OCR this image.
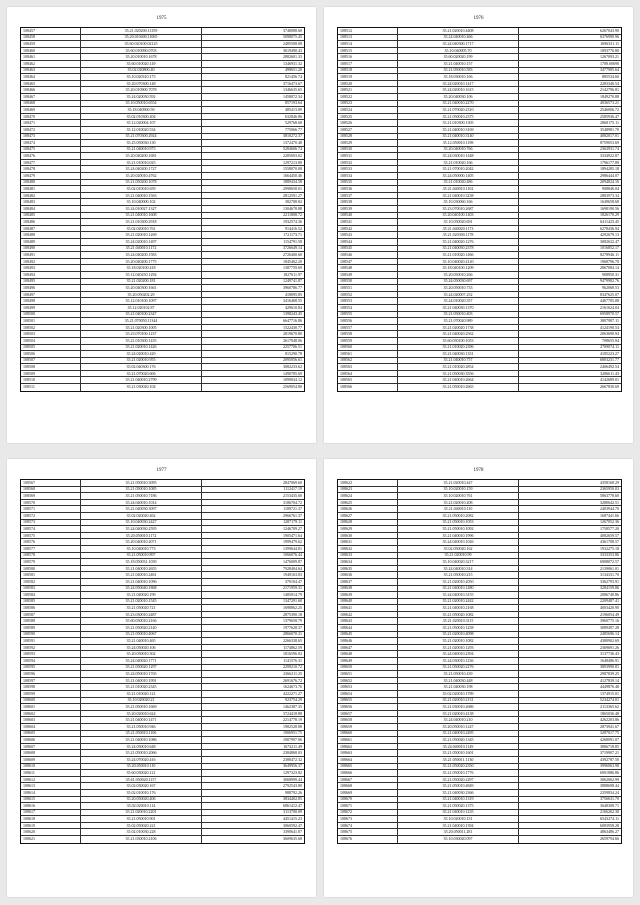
1975
108457	35.21.020200.11359	3748088.60
108458	35.20.010400.11065	5098075.45
108459	35.60.020100.02125	2485508.08
108460	35.60.010090.0703	3619490.43
108461	35.20.010010.1678	2882601.33
108462	35.60.010020.149	1346931.32
108463	35.02.020800.40	498651.20
108464	35.10.020310.175	821456.74
108465	35.20.070300.148	3716473.67
108466	35.20.010900.7078	1346635.65
108467	35.24.020030.592	1458072.34
108468	35.10.050010.6554	857193.64
108469	35.18.040900.59	485413.89
108470	35.02.010300.204	632846.86
108471	35.12.020004.107	529768.68
108472	35.12.010020.534	775066.77
108473	35.21.070300.2924	3810272.37
108474	35.25.050030.130	1372470.48
108475	35.21.040010.975	5284606.74
108476	35.20.040200.1681	2285693.62
108477	35.21.010010.025	1297213.80
108478	35.24.040200.1727	1558070.08
108479	35.20.020010.4762	1664450.46
108480	35.21.050200.1078	1889434.58
108481	35.02.010010.659	2998658.01
108482	35.21.040010.1563	2812591.27
108483	35.10.040000.102	382708.82
108484	35.24.010027.1327	1304678.88
108485	35.21.040010.1608	2211808.72
108486	35.21.010300.2918	1932574.36
108487	35.02.020010.761	914416.52
108488	35.21.020010.1269	1721173.71
108489	35.24.020010.1497	1154791.58
108490	35.21.040010.1172	3726649.14
108491	35.24.040200.1583	2726400.60
108492	35.20.040200.1775	1845462.20
108493	35.18.020100.418	1387759.69
108494	35.12.040250.1294	1827611.97
108495	35.21.020200.181	1249741.87
108496	35.20.040300.1661	3960786.77
108497	35.20.050202.29	418095.85
108498	35.12.010100.1097	3416468.55
108499	35.12.020102.87	429610.84
108500	35.21.040100.2347	1398243.45
108501	35.21.070050.11344	6647716.86
108502	35.21.020300.1005	1522430.77
108503	35.23.070100.1237	2819670.80
108504	35.21.010300.1435	2617948.06
108505	35.21.020010.1426	2257706.51
108506	35.24.020010.429	815290.78
108507	35.21.020010.955	2095056.61
108508	35.02.040300.176	3082233.62
108509	35.21.070020.606	1490785.69
108510	35.21.040010.2799	1099034.12
108511	35.21.030020.104	2569054.80
1976
108512	35.21.020010.4408	6267043.90
108513	35.24.040010.466	6376990.96
108514	35.24.040300.1717	1696331.11
108515	35.10.040005.70	1093776.80
108516	35.60.020020.199	1267093.21
108517	35.21.040010.157	1708.00690
108518	35.21.050010.583	3477985.64
108519	35.18.030010.166	885534.60
108520	35.24.020010.1417	2283346.54
108521	35.24.020010.1615	2142796.81
108522	35.20.040030.106	1849270.88
108523	35.21.040010.2270	4036573.21
108524	35.21.070020.2310	2546006.72
108525	35.21.050010.2375	2585936.47
108526	35.21.010300.1305	2868175.11
108527	35.21.040010.3169	3548981.70
108528	35.21.040010.3140	4082017.01
108529	35.12.050010.1198	8759053.69
108530	35.20.040010.766	2363931.74
108531	35.24.030010.1448	3334922.87
108532	35.21.010020.166	1796177.89
108533	35.21.070010.2042	1894285.18
108534	35.24.050000.1405	2986444.07
108535	35.21.010020.486	2094824.16
108536	35.21.040010.1102	908846.04
108537	35.21.040010.3238	2883973.34
108538	35.10.030060.166	1649658.68
108539	35.23.070010.2687	1698190.56
108540	35.20.040100.1403	1826170.29
108541	35.10.050020.691	6411423.45
108542	35.21.040020.1173	6278436.94
108543	35.21.020300.1178	4292679.13
108544	35.21.040020.1276	3082632.47
108545	35.21.040050.2378	1016852.17
108546	35.21.010020.1466	8278946.11
108547	35.10.040020.4120	1968796.70
108548	35.18.040100.1209	2867084.14
108549	35.20.050010.266	908950.31
108550	35.24.050030.697	9479982.76
108551	35.20.050010.733	962068.53
108552	35.24.020007.252	8347625.07
108553	35.24.010020.357	4467705.08
108554	35.21.040030.1370	2161624.04
108555	35.21.050010.403	6958970.57
108556	35.21.070020.989	3807987.11
108557	35.21.020020.1738	4124190.54
108558	35.21.040020.2562	2063690.94
108559	35.60.030100.1053	708655.94
108560	35.21.010020.2396	2709074.11
108561	35.21.040030.1331	4185223.27
108562	35.21.040010.757	6803231.77
108563	35.21.010020.2854	2406492.54
108564	35.21.050030.3556	3286611.43
108565	35.21.040010.2664	4142689.01
108566	35.21.050010.2665	2667830.69
1977
108567	35.21.050010.3095	2847069.60
108568	35.21.050010.1085	1112417.19
108569	35.21.050010.7186	2153435.60
108570	35.24.040010.1014	3186704.72
108571	35.21.040030.3097	1189721.37
108572	35.02.020020.462	2966761.37
108573	35.10.040030.2427	1287179.11
108574	35.24.040030.2595	1246709.27
108575	35.20.050010.1172	1905471.64
108576	35.20.040010.2071	1999479.62
108577	35.10.040010.773	1399644.81
108578	35.21.050010.897	1066076.44
108579	35.18.050031.1039	1476009.87
108580	35.21.040010.2655	7928404.64
108581	35.21.040010.2461	1940163.83
108582	35.21.040010.1096	370104.47
108583	35.24.050040.1868	2171959.31
108584	35.21.040020.199	1485014.79
108585	35.21.020010.1545	1347291.60
108586	35.21.050020.721	1698862.25
108587	35.23.030010.2487	2875390.18
108588	35.60.030010.2166	1379658.79
108589	35.21.050020.2140	1977628.37
108590	35.21.050010.4067	2866070.31
108591	35.21.040010.465	2266338.65
108592	35.24.050020.106	1174862.59
108593	35.20.050010.302	1816596.02
108594	35.24.040020.1771	1141576.31
108595	35.21.050020.1297	2299210.72
108596	35.24.050010.1765	2366211.25
108597	35.21.040010.1991	2691676.72
108598	35.21.010020.2345	1624673.76
108599	35.21.010020.121	4222271.27
108600	35.10.020020.21	923754.29
108601	35.21.050010.1669	1462387.35
108602	35.20.020010.624	3724418.88
108603	35.21.040010.1471	2214778.19
108604	35.21.050010.946	1982528.88
108605	35.21.050010.1106	1906951.75
108606	35.21.040010.1086	1907997.06
108607	35.24.050010.648	1673211.49
108608	35.21.050010.2066	2384868.03
108609	35.24.070020.416	2380472.32
108610	35.20.050010.110	3649956.37
108611	35.60.030020.121	1297323.82
108612	35.61.050020.1157	3068999.44
108613	35.02.030020.167	2792543.80
108614	35.02.010010.176	988792.26
108615	35.20.050020.406	3834402.85
108616	35.02.020010.114	6861412.47
108617	35.21.020010.2201	3113700.09
108618	35.21.050010.901	4451415.23
108619	35.02.050020.221	3060592.47
108620	35.02.010030.228	3390641.07
108621	35.21.030010.2106	3609635.68
1978
108622	35.21.020010.447	4358168.29
108623	35.10.020010.159	2365950.03
108624	35.10.020010.761	5863778.60
108625	35.21.020010.208	3280642.51
108626	35.21.040010.110	2403944.70
108627	35.21.050010.2082	1687441.66
108628	35.21.050010.1053	1267052.36
108629	35.21.050010.1092	1758577.20
108630	35.21.040010.1996	4082659.57
108631	35.24.040010.1026	4361708.57
108632	35.02.050020.162	1932275.18
108633	35.21.020010.99	3333353.86
108634	35.10.040020.3217	6908072.57
108635	35.24.040010.314	2139061.01
108636	35.21.050010.215	3134331.70
108637	35.21.020010.2050	3362793.91
108638	35.21.040010.1480	3284159.86
108639	35.24.040010.3155	2086740.86
108640	35.21.020010.2442	2209487.41
108641	35.21.040010.2168	4003420.90
108642	35.21.050020.1082	2196054.49
108643	35.21.020010.3115	3960775.16
108644	35.21.050010.1258	3089497.28
108645	35.21.020010.4098	2485696.14
108646	35.21.020010.1082	4380902.69
108647	35.21.020010.1293	2369691.26
108648	35.24.040010.2394	3137736.43
108649	35.24.030010.1236	1648486.91
108650	35.21.050020.2276	3893990.81
108651	35.21.050010.439	2987839.25
108652	35.21.040030.448	4127839.14
108653	35.21.040030.198	4449876.48
108654	35.02.020010.1789	1374915.01
108655	35.21.020010.2131	5234274.01
108656	35.21.030010.2686	2113365.62
108657	35.21.020010.4138	1865036.48
108658	35.24.040010.210	4262203.86
108659	35.20.050010.1247	2873941.67
108660	35.21.040010.2495	3287017.75
108661	35.21.050020.1345	4268091.07
108662	35.24.040010.1149	3886718.85
108663	35.21.050010.1601	3719907.21
108664	35.21.050011.1130	4392787.50
108665	35.21.050020.2350	3996063.98
108666	35.21.050010.1776	6901886.86
108667	35.21.050020.2297	3062062.99
108668	35.21.050010.4849	3888698.44
108669	35.21.040030.2366	2359834.24
108670	35.21.040010.1319	3756631.70
108671	35.21.050020.1375	3648308.71
108672	35.21.040010.1235	2166262.30
108673	35.10.020010.151	6543274.11
108674	35.21.040010.1394	6083958.28
108675	35.20.050011.281	4863486.27
108676	35.10.030020.097	2659794.66
